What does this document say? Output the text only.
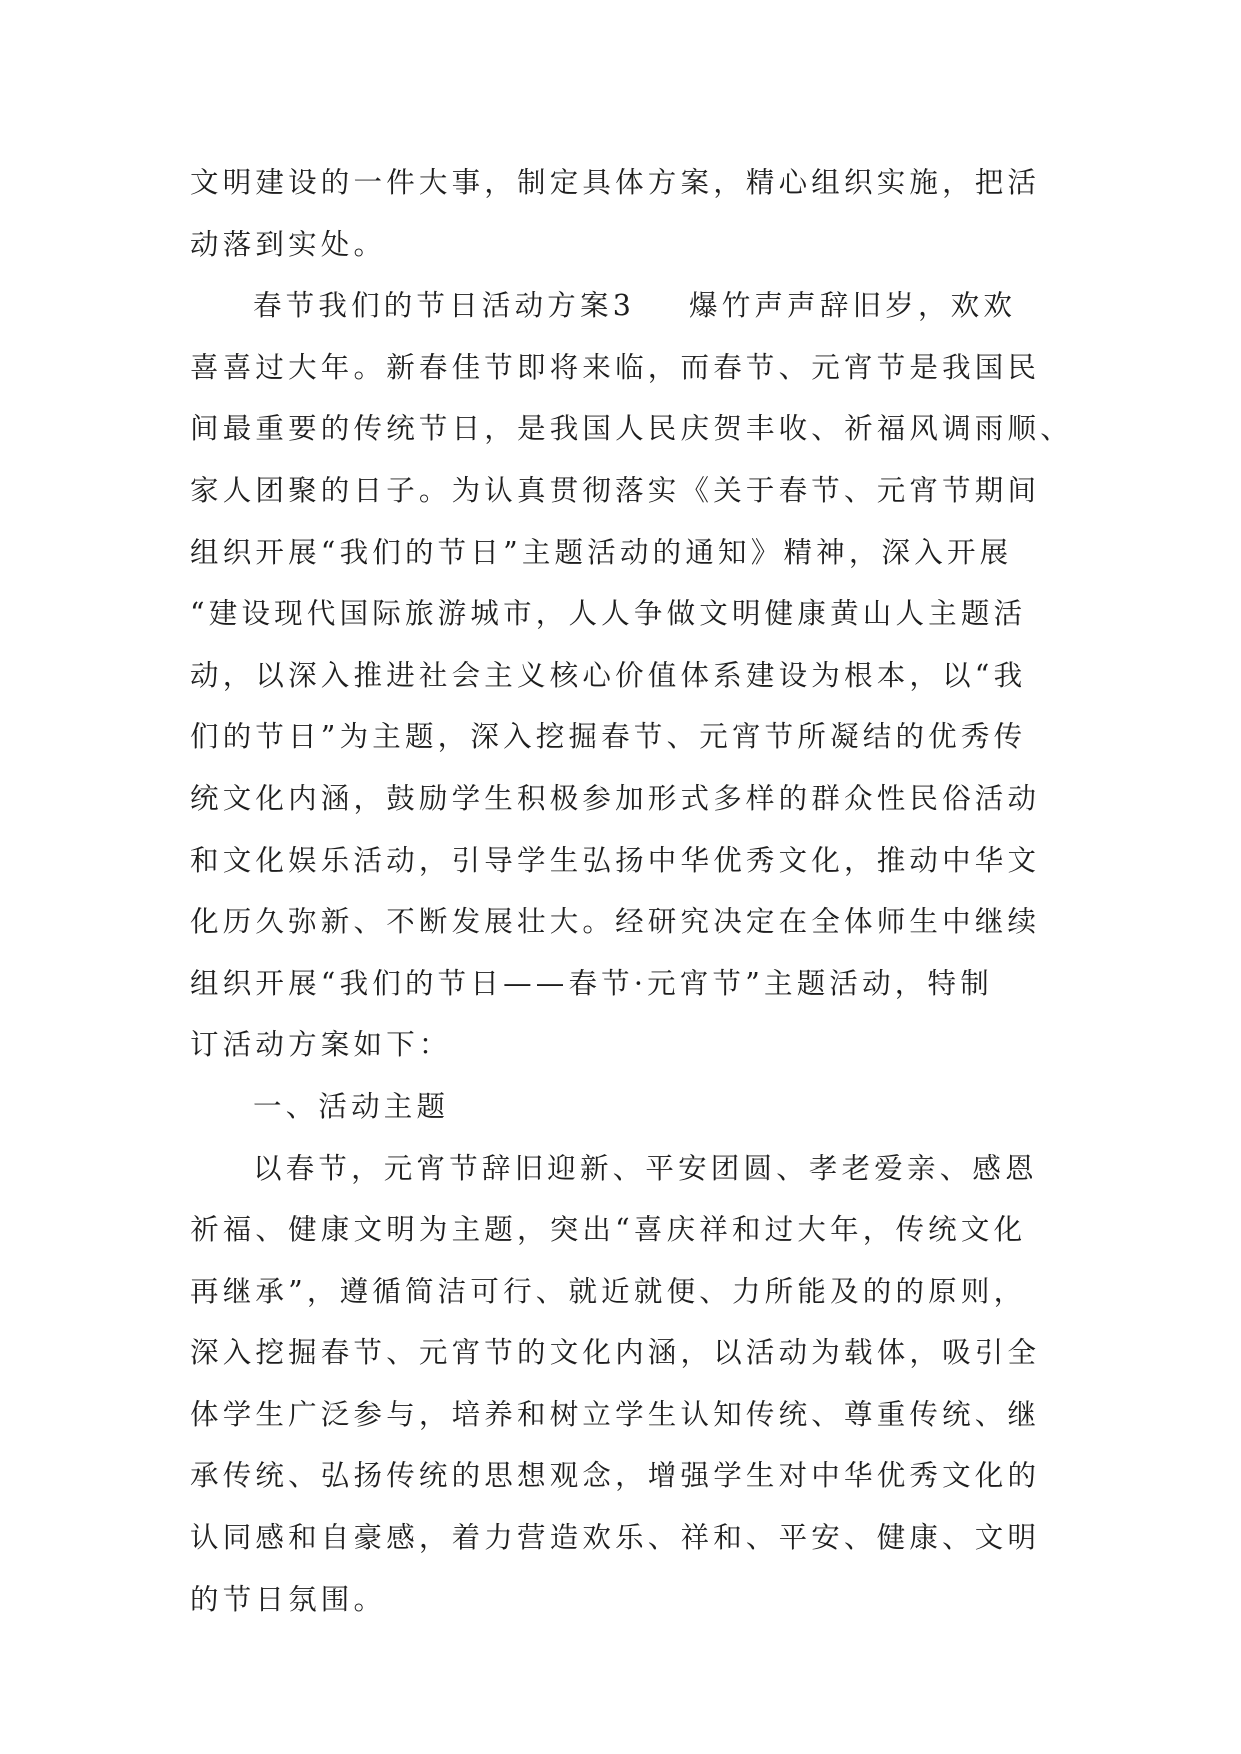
文明建设的一件大事，制定具体方案，精心组织实施，把活
动落到实处。
春节我们的节日活动方案3 爆竹声声辞旧岁，欢欢
喜喜过大年。新春佳节即将来临，而春节、元宵节是我国民
间最重要的传统节日，是我国人民庆贺丰收、祈福风调雨顺、
家人团聚的日子。为认真贯彻落实《关于春节、元宵节期间
组织开展“我们的节日”主题活动的通知》精神，深入开展
“建设现代国际旅游城市，人人争做文明健康黄山人主题活
动，以深入推进社会主义核心价值体系建设为根本，以“我
们的节日”为主题，深入挖掘春节、元宵节所凝结的优秀传
统文化内涵，鼓励学生积极参加形式多样的群众性民俗活动
和文化娱乐活动，引导学生弘扬中华优秀文化，推动中华文
化历久弥新、不断发展壮大。经研究决定在全体师生中继续
组织开展“我们的节日——春节·元宵节”主题活动，特制
订活动方案如下：
一、活动主题
以春节，元宵节辞旧迎新、平安团圆、孝老爱亲、感恩
祈福、健康文明为主题，突出“喜庆祥和过大年，传统文化
再继承”，遵循简洁可行、就近就便、力所能及的的原则，
深入挖掘春节、元宵节的文化内涵，以活动为载体，吸引全
体学生广泛参与，培养和树立学生认知传统、尊重传统、继
承传统、弘扬传统的思想观念，增强学生对中华优秀文化的
认同感和自豪感，着力营造欢乐、祥和、平安、健康、文明
的节日氛围。
